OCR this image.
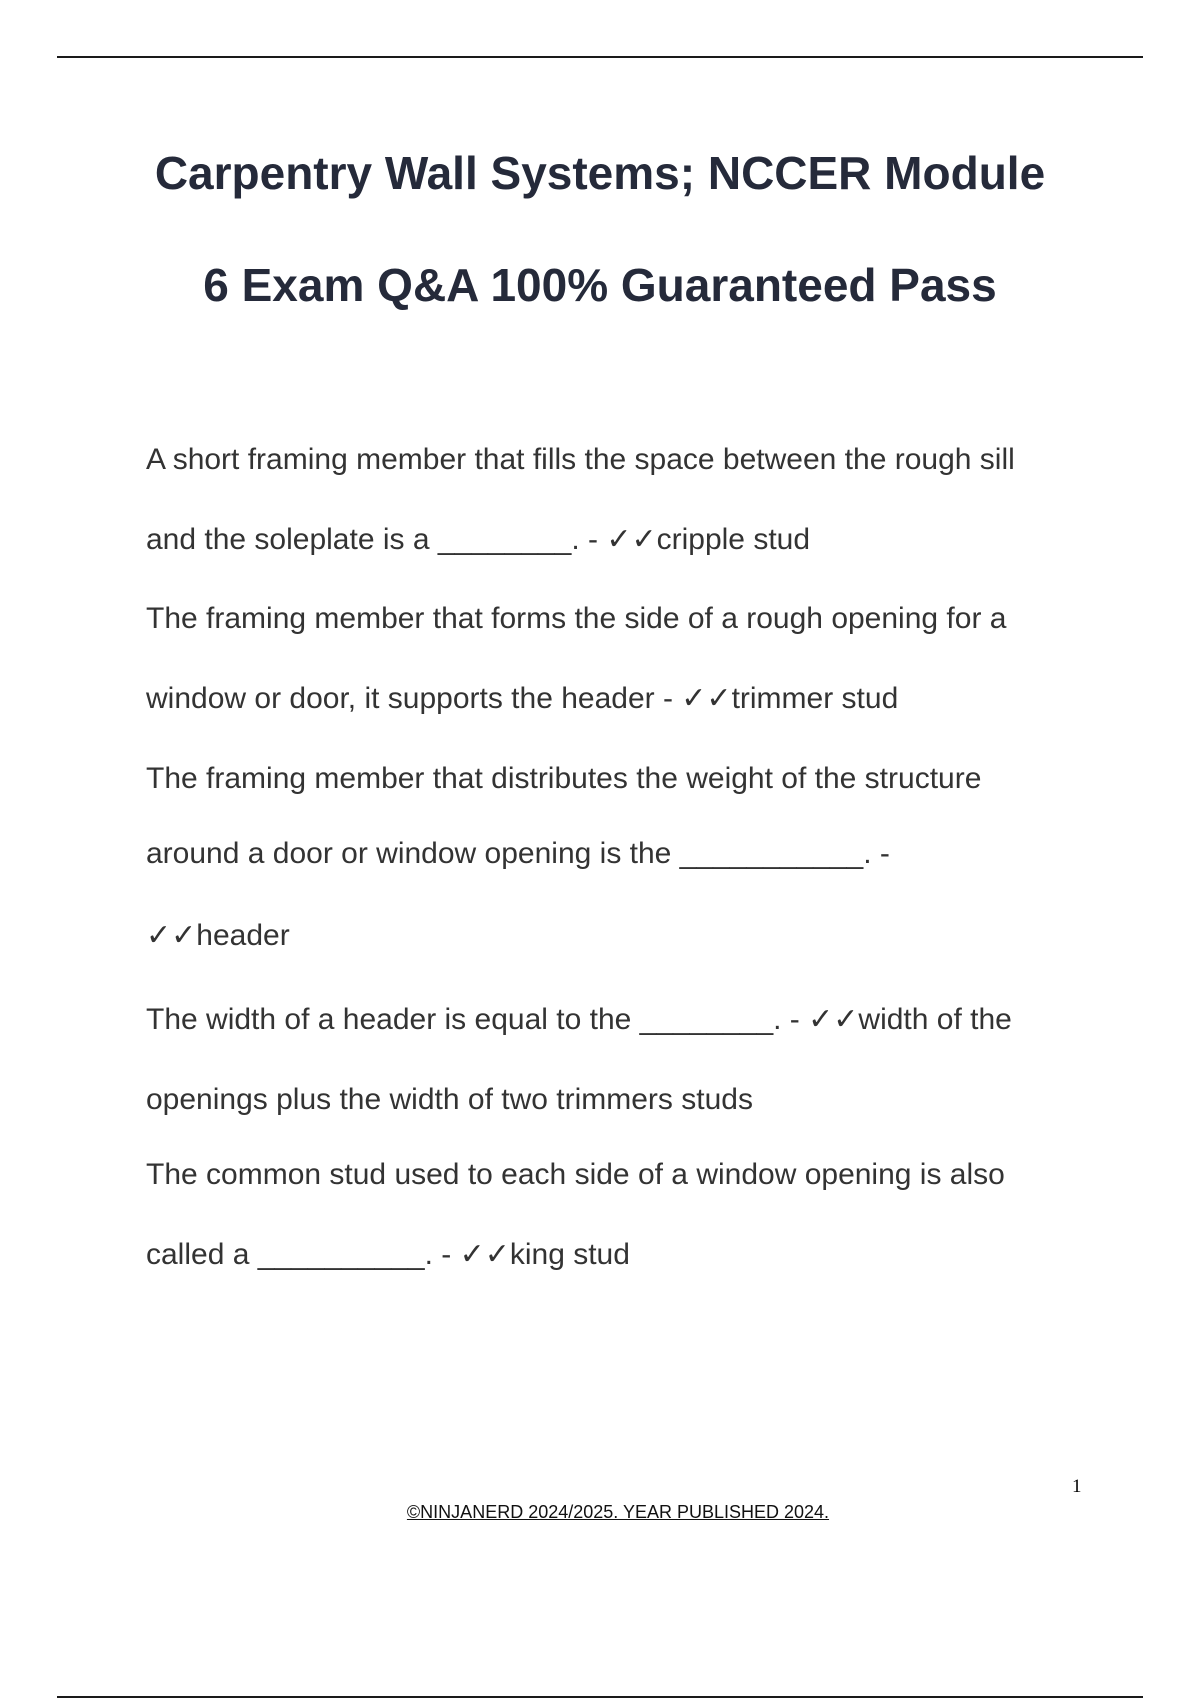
Carpentry Wall Systems; NCCER Module
6 Exam Q&A 100% Guaranteed Pass
A short framing member that fills the space between the rough sill
and the soleplate is a ________. - ✓✓cripple stud
The framing member that forms the side of a rough opening for a
window or door, it supports the header - ✓✓trimmer stud
The framing member that distributes the weight of the structure
around a door or window opening is the ___________. -
✓✓header
The width of a header is equal to the ________. - ✓✓width of the
openings plus the width of two trimmers studs
The common stud used to each side of a window opening is also
called a __________. - ✓✓king stud
1
©NINJANERD 2024/2025. YEAR PUBLISHED 2024.
